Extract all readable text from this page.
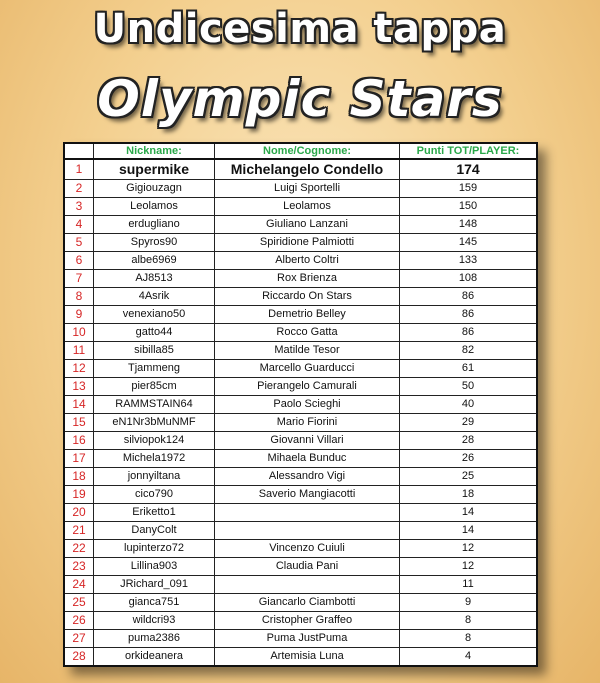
Undicesima tappa
Olympic Stars
	Nickname:	Nome/Cognome:	Punti TOT/PLAYER:
1	supermike	Michelangelo Condello	174
2	Gigiouzagn	Luigi Sportelli	159
3	Leolamos	Leolamos	150
4	erdugliano	Giuliano Lanzani	148
5	Spyros90	Spiridione Palmiotti	145
6	albe6969	Alberto Coltri	133
7	AJ8513	Rox Brienza	108
8	4Asrik	Riccardo On Stars	86
9	venexiano50	Demetrio Belley	86
10	gatto44	Rocco Gatta	86
11	sibilla85	Matilde Tesor	82
12	Tjammeng	Marcello Guarducci	61
13	pier85cm	Pierangelo Camurali	50
14	RAMMSTAIN64	Paolo Scieghi	40
15	eN1Nr3bMuNMF	Mario Fiorini	29
16	silviopok124	Giovanni Villari	28
17	Michela1972	Mihaela Bunduc	26
18	jonnyiltana	Alessandro Vigi	25
19	cico790	Saverio Mangiacotti	18
20	Eriketto1		14
21	DanyColt		14
22	lupinterzo72	Vincenzo Cuiuli	12
23	Lillina903	Claudia Pani	12
24	JRichard_091		11
25	gianca751	Giancarlo Ciambotti	9
26	wildcri93	Cristopher Graffeo	8
27	puma2386	Puma JustPuma	8
28	orkideanera	Artemisia Luna	4
